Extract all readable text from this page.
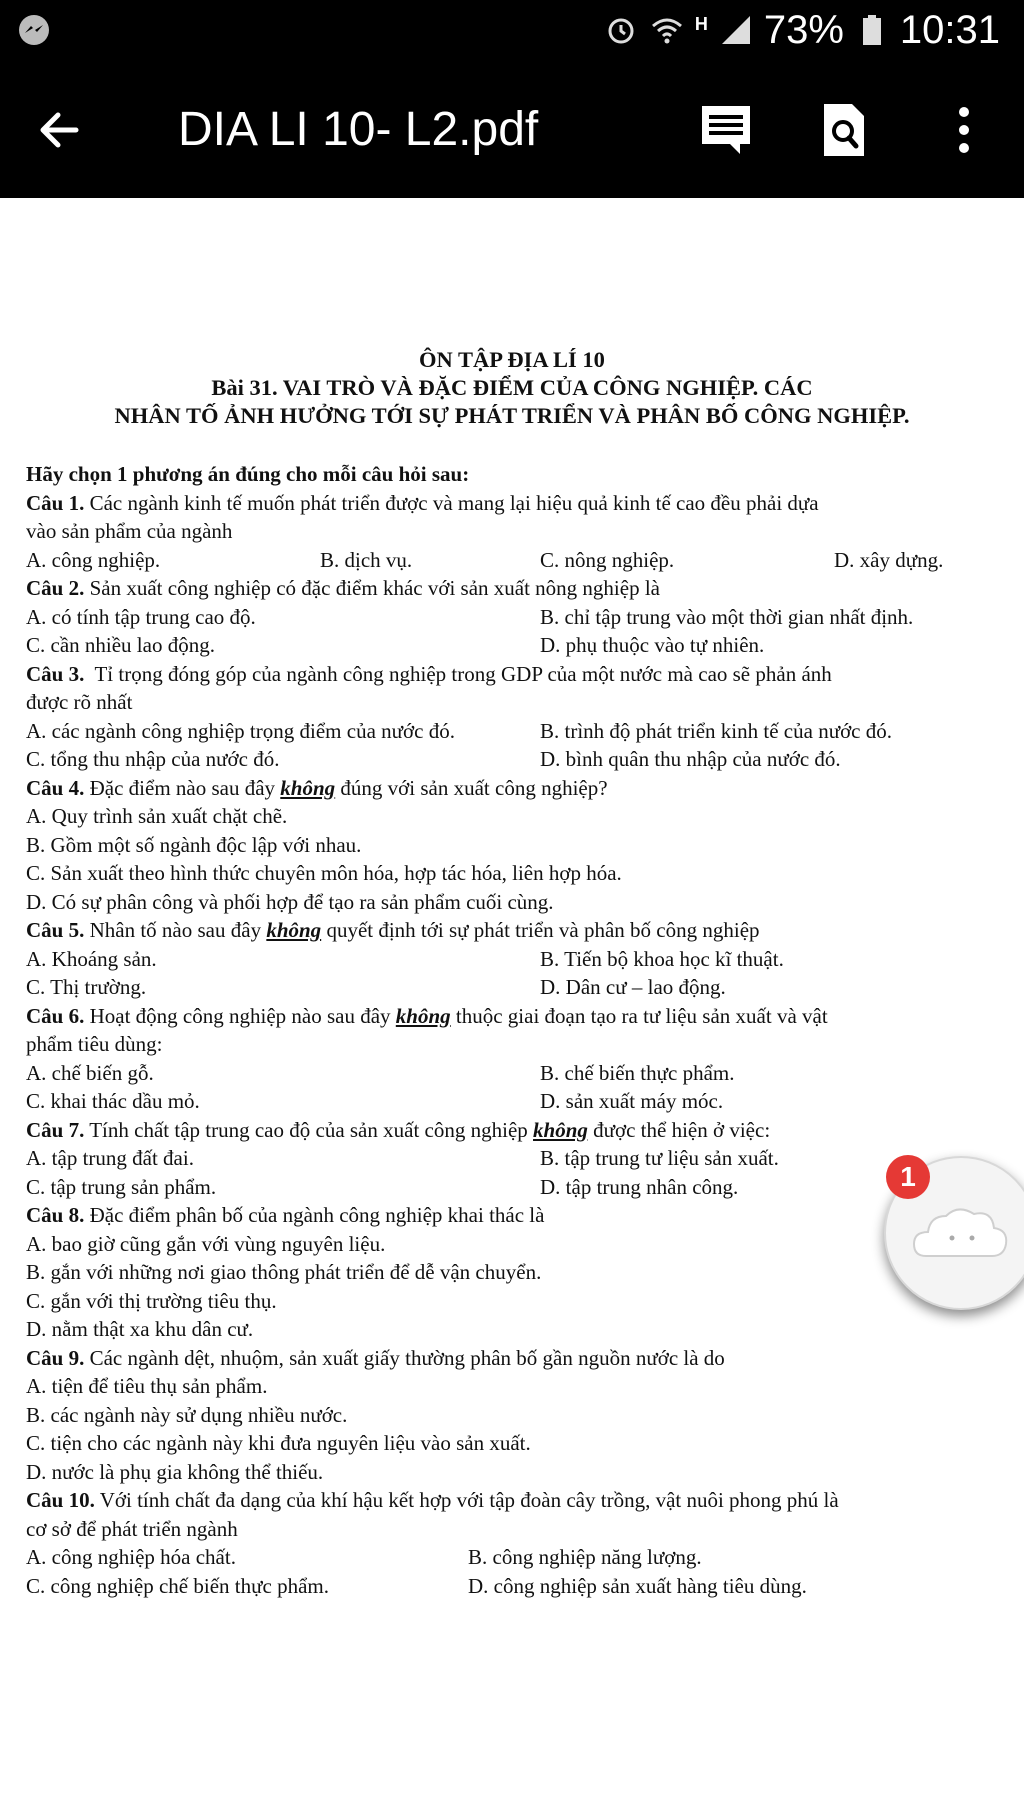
H 73% 10:31
DIA LI 10- L2.pdf
ÔN TẬP ĐỊA LÍ 10
Bài 31. VAI TRÒ VÀ ĐẶC ĐIỂM CỦA CÔNG NGHIỆP. CÁC
NHÂN TỐ ẢNH HƯỞNG TỚI SỰ PHÁT TRIỂN VÀ PHÂN BỐ CÔNG NGHIỆP.
Hãy chọn 1 phương án đúng cho mỗi câu hỏi sau:
Câu 1. Các ngành kinh tế muốn phát triển được và mang lại hiệu quả kinh tế cao đều phải dựa
vào sản phẩm của ngành
A. công nghiệp.	B. dịch vụ.	C. nông nghiệp.	D. xây dựng.
Câu 2. Sản xuất công nghiệp có đặc điểm khác với sản xuất nông nghiệp là
A. có tính tập trung cao độ.	B. chỉ tập trung vào một thời gian nhất định.
C. cần nhiều lao động.	D. phụ thuộc vào tự nhiên.
Câu 3. Tỉ trọng đóng góp của ngành công nghiệp trong GDP của một nước mà cao sẽ phản ánh
được rõ nhất
A. các ngành công nghiệp trọng điểm của nước đó.	B. trình độ phát triển kinh tế của nước đó.
C. tổng thu nhập của nước đó.	D. bình quân thu nhập của nước đó.
Câu 4. Đặc điểm nào sau đây không đúng với sản xuất công nghiệp?
A. Quy trình sản xuất chặt chẽ.
B. Gồm một số ngành độc lập với nhau.
C. Sản xuất theo hình thức chuyên môn hóa, hợp tác hóa, liên hợp hóa.
D. Có sự phân công và phối hợp để tạo ra sản phẩm cuối cùng.
Câu 5. Nhân tố nào sau đây không quyết định tới sự phát triển và phân bố công nghiệp
A. Khoáng sản.	B. Tiến bộ khoa học kĩ thuật.
C. Thị trường.	D. Dân cư – lao động.
Câu 6. Hoạt động công nghiệp nào sau đây không thuộc giai đoạn tạo ra tư liệu sản xuất và vật
phẩm tiêu dùng:
A. chế biến gỗ.	B. chế biến thực phẩm.
C. khai thác dầu mỏ.	D. sản xuất máy móc.
Câu 7. Tính chất tập trung cao độ của sản xuất công nghiệp không được thể hiện ở việc:
A. tập trung đất đai.	B. tập trung tư liệu sản xuất.
C. tập trung sản phẩm.	D. tập trung nhân công.
Câu 8. Đặc điểm phân bố của ngành công nghiệp khai thác là
A. bao giờ cũng gắn với vùng nguyên liệu.
B. gắn với những nơi giao thông phát triển để dễ vận chuyển.
C. gắn với thị trường tiêu thụ.
D. nằm thật xa khu dân cư.
Câu 9. Các ngành dệt, nhuộm, sản xuất giấy thường phân bố gần nguồn nước là do
A. tiện để tiêu thụ sản phẩm.
B. các ngành này sử dụng nhiều nước.
C. tiện cho các ngành này khi đưa nguyên liệu vào sản xuất.
D. nước là phụ gia không thể thiếu.
Câu 10. Với tính chất đa dạng của khí hậu kết hợp với tập đoàn cây trồng, vật nuôi phong phú là
cơ sở để phát triển ngành
A. công nghiệp hóa chất.	B. công nghiệp năng lượng.
C. công nghiệp chế biến thực phẩm.	D. công nghiệp sản xuất hàng tiêu dùng.
1
